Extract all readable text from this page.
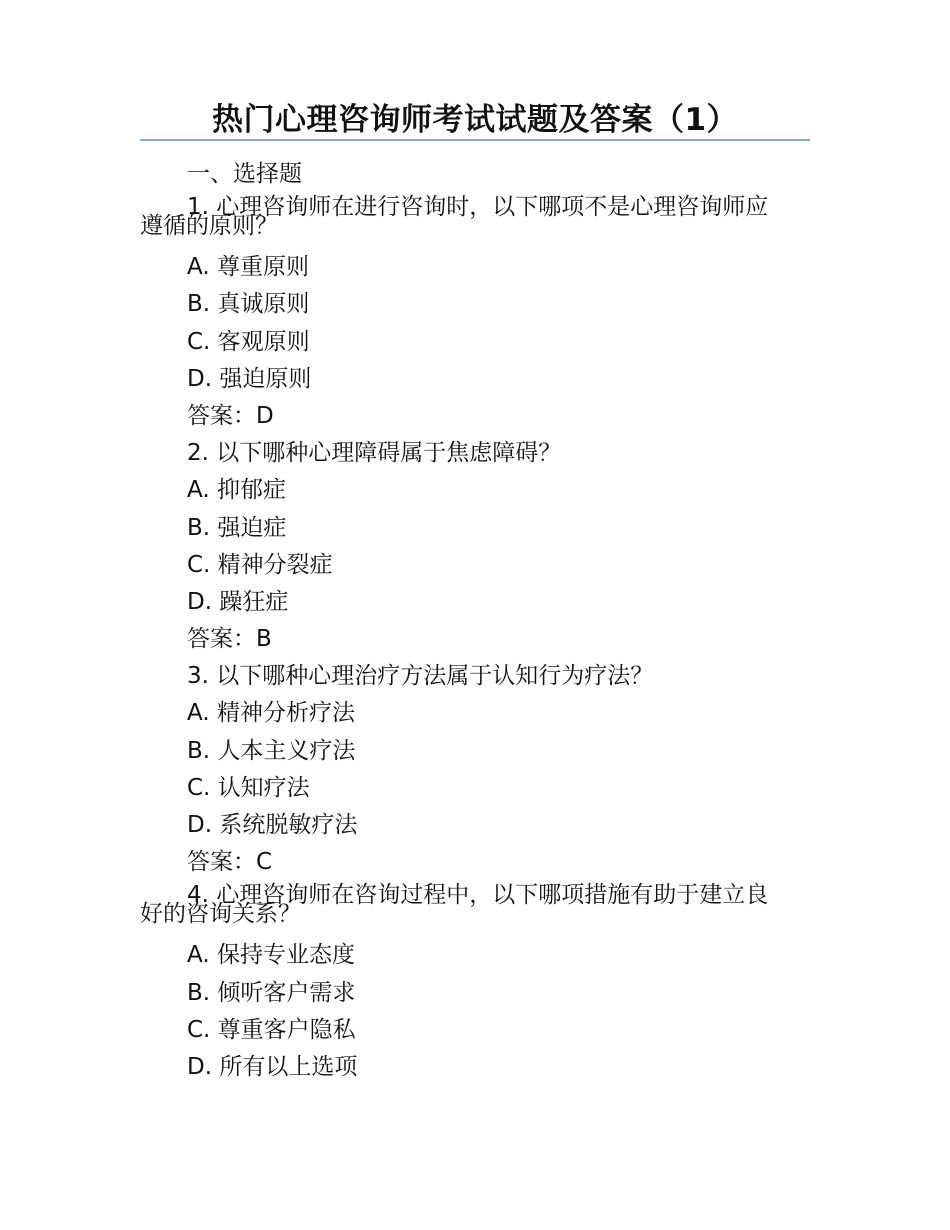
热门心理咨询师考试试题及答案（1）
一、选择题
1. 心理咨询师在进行咨询时，以下哪项不是心理咨询师应
遵循的原则？
A. 尊重原则
B. 真诚原则
C. 客观原则
D. 强迫原则
答案：D
2. 以下哪种心理障碍属于焦虑障碍？
A. 抑郁症
B. 强迫症
C. 精神分裂症
D. 躁狂症
答案：B
3. 以下哪种心理治疗方法属于认知行为疗法？
A. 精神分析疗法
B. 人本主义疗法
C. 认知疗法
D. 系统脱敏疗法
答案：C
4. 心理咨询师在咨询过程中，以下哪项措施有助于建立良
好的咨询关系？
A. 保持专业态度
B. 倾听客户需求
C. 尊重客户隐私
D. 所有以上选项
